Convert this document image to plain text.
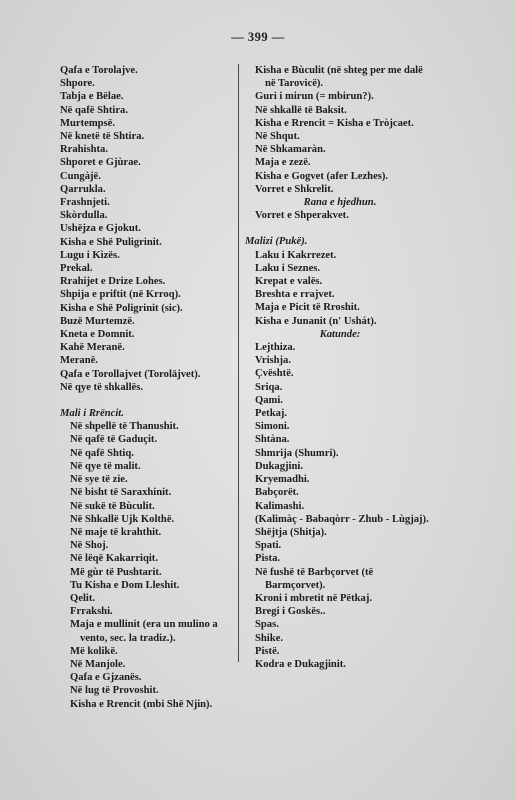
— 399 —
Qafa e Torolajve.
Shpore.
Tabja e Bëlae.
Në qafë Shtira.
Murtempsë.
Në knetë të Shtira.
Rrahishta.
Shporet e Gjùrae.
Cungàjë.
Qarrukla.
Frashnjeti.
Skòrdulla.
Ushëjza e Gjokut.
Kisha e Shë Puligrinit.
Lugu i Kìzës.
Prekal.
Rrahijet e Drize Lohes.
Shpija e priftit (në Krroq).
Kisha e Shë Poligrinit (sic).
Buzë Murtemzë.
Kneta e Domnit.
Kahë Meranë.
Meranë.
Qafa e Torollajvet (Toroläjvet).
Në qye të shkallës.
Mali i Rrëncit.
Në shpellë të Thanushit.
Në qafë të Gaduçit.
Në qafë Shtiq.
Në qye të malit.
Në sye të zie.
Në bisht të Saraxhinit.
Në sukë të Bùculit.
Në Shkallë Ujk Kolthë.
Në maje të krahthit.
Në Shoj.
Në lëqë Kakarriqit.
Më gùr të Pushtarit.
Tu Kisha e Dom Lleshit.
Qelit.
Frrakshi.
Maja e mullinit (era un mulino a vento, sec. la tradiz.).
Më kolikë.
Në Manjole.
Qafa e Gjzanës.
Në lug të Provoshit.
Kisha e Rrencit (mbi Shë Njin).
Kisha e Bùculit (në shteg per me dalë në Tarovicë).
Guri i mirun (= mbirun?).
Në shkallë të Baksit.
Kisha e Rrencit = Kisha e Tròjcaet.
Në Shqut.
Në Shkamaràn.
Maja e zezë.
Kisha e Gogvet (afer Lezhes).
Vorret e Shkrelit.
Rana e hjedhun.
Vorret e Shperakvet.
Malizi (Pukë).
Laku i Kakrrezet.
Laku i Seznes.
Krepat e valës.
Breshta e rrajvet.
Maja e Picit të Rroshit.
Kisha e Junanit (n' Ushát).
Katunde:
Lejthiza.
Vrishja.
Çvështë.
Sriqa.
Qami.
Petkaj.
Simoni.
Shtàna.
Shmrija (Shumri).
Dukagjini.
Kryemadhi.
Babçorët.
Kalimashi.
(Kalimàç - Babaqòrr - Zhub - Lùgjaj).
Shëjtja (Shitja).
Spati.
Pista.
Në fushë të Barbçorvet (të Barmçorvet).
Kroni i mbretit në Pëtkaj.
Bregi i Goskës..
Spas.
Shike.
Pistë.
Kodra e Dukagjinit.
